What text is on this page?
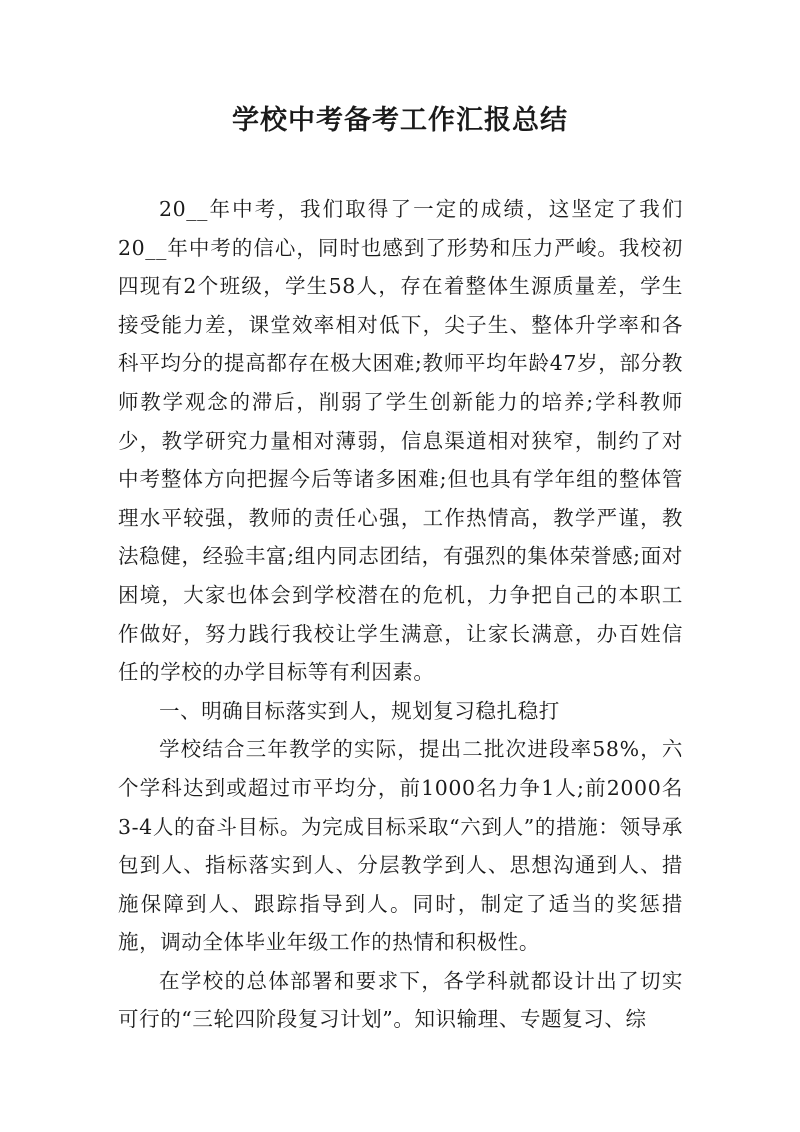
学校中考备考工作汇报总结

20__年中考，我们取得了一定的成绩，这坚定了我们20__年中考的信心，同时也感到了形势和压力严峻。我校初四现有2个班级，学生58人，存在着整体生源质量差，学生接受能力差，课堂效率相对低下，尖子生、整体升学率和各科平均分的提高都存在极大困难;教师平均年龄47岁，部分教师教学观念的滞后，削弱了学生创新能力的培养;学科教师少，教学研究力量相对薄弱，信息渠道相对狭窄，制约了对中考整体方向把握今后等诸多困难;但也具有学年组的整体管理水平较强，教师的责任心强，工作热情高，教学严谨，教法稳健，经验丰富;组内同志团结，有强烈的集体荣誉感;面对困境，大家也体会到学校潜在的危机，力争把自己的本职工作做好，努力践行我校让学生满意，让家长满意，办百姓信任的学校的办学目标等有利因素。

一、明确目标落实到人，规划复习稳扎稳打

学校结合三年教学的实际，提出二批次进段率58%，六个学科达到或超过市平均分，前1000名力争1人;前2000名3-4人的奋斗目标。为完成目标采取“六到人”的措施：领导承包到人、指标落实到人、分层教学到人、思想沟通到人、措施保障到人、跟踪指导到人。同时，制定了适当的奖惩措施，调动全体毕业年级工作的热情和积极性。

在学校的总体部署和要求下，各学科就都设计出了切实可行的“三轮四阶段复习计划”。知识输理、专题复习、综
